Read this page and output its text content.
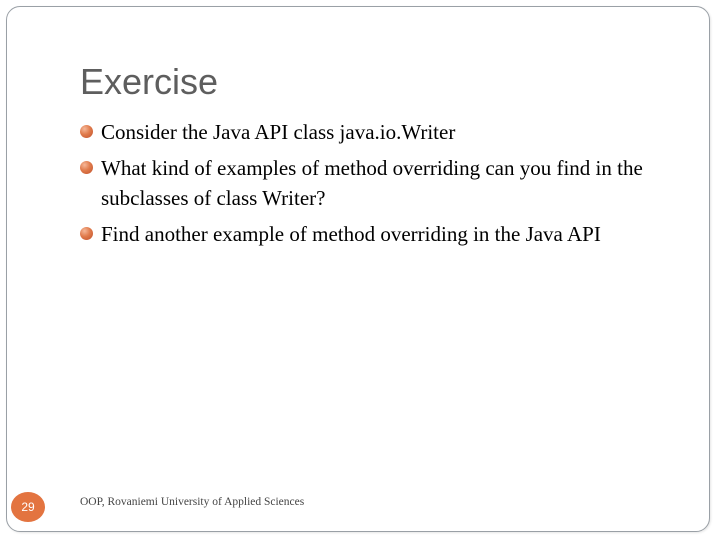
Exercise
Consider the Java API class java.io.Writer
What kind of examples of method overriding can you find in the subclasses of class Writer?
Find another example of method overriding in the Java API
29	OOP, Rovaniemi University of Applied Sciences
